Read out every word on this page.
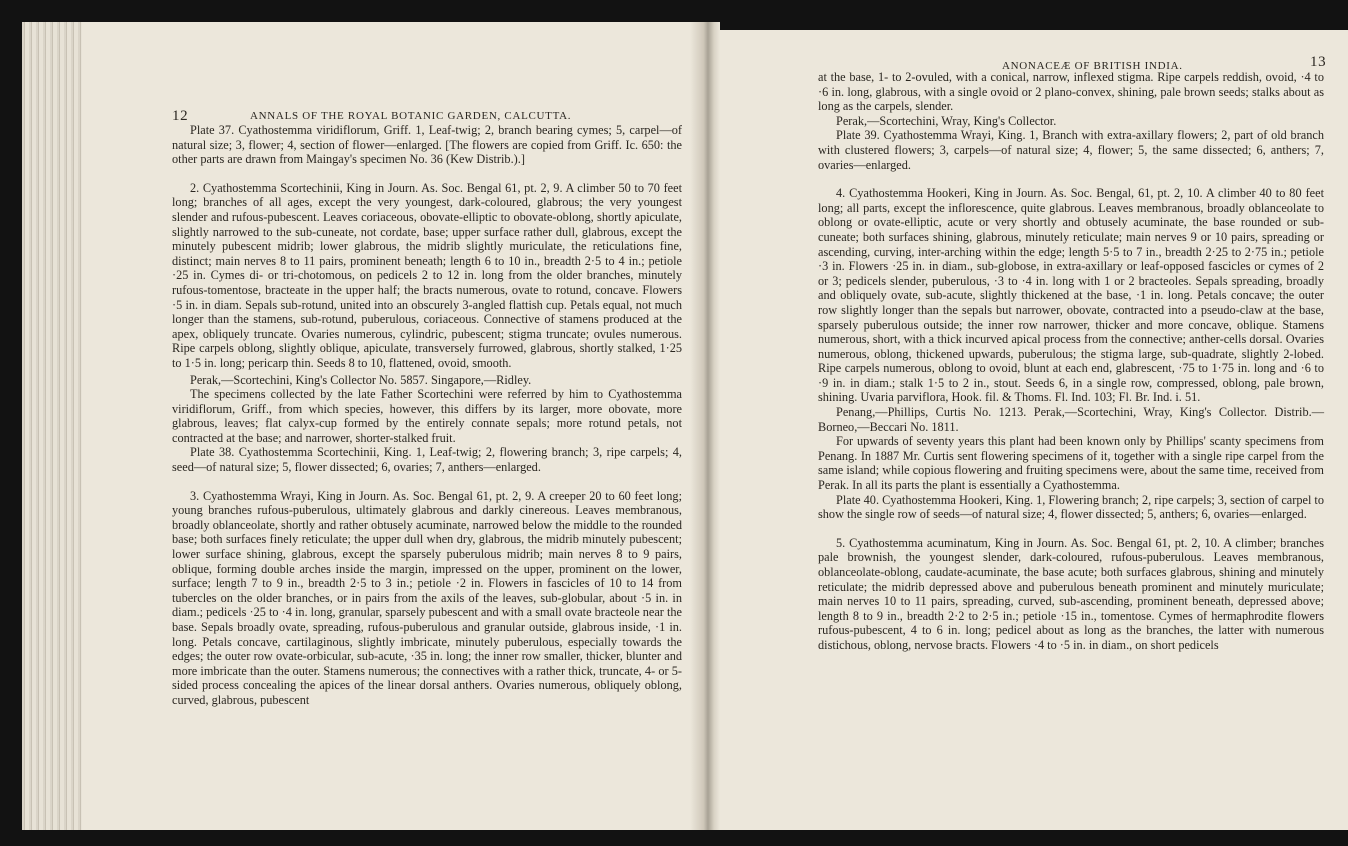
12	ANNALS OF THE ROYAL BOTANIC GARDEN, CALCUTTA.

Plate 37. Cyathostemma viridiflorum, Griff. 1, Leaf-twig; 2, branch bearing cymes; 5, carpel—of natural size; 3, flower; 4, section of flower—enlarged. [The flowers are copied from Griff. Ic. 650: the other parts are drawn from Maingay's specimen No. 36 (Kew Distrib.).]

2. Cyathostemma Scortechinii, King in Journ. As. Soc. Bengal 61, pt. 2, 9. A climber 50 to 70 feet long; branches of all ages, except the very youngest, dark-coloured, glabrous; the very youngest slender and rufous-pubescent. Leaves coriaceous, obovate-elliptic to obovate-oblong, shortly apiculate, slightly narrowed to the sub-cuneate, not cordate, base; upper surface rather dull, glabrous, except the minutely pubescent midrib; lower glabrous, the midrib slightly muriculate, the reticulations fine, distinct; main nerves 8 to 11 pairs, prominent beneath; length 6 to 10 in., breadth 2·5 to 4 in.; petiole ·25 in. Cymes di- or tri-chotomous, on pedicels 2 to 12 in. long from the older branches, minutely rufous-tomentose, bracteate in the upper half; the bracts numerous, ovate to rotund, concave. Flowers ·5 in. in diam. Sepals sub-rotund, united into an obscurely 3-angled flattish cup. Petals equal, not much longer than the stamens, sub-rotund, puberulous, coriaceous. Connective of stamens produced at the apex, obliquely truncate. Ovaries numerous, cylindric, pubescent; stigma truncate; ovules numerous. Ripe carpels oblong, slightly oblique, apiculate, transversely furrowed, glabrous, shortly stalked, 1·25 to 1·5 in. long; pericarp thin. Seeds 8 to 10, flattened, ovoid, smooth.

Perak,—Scortechini, King's Collector No. 5857. Singapore,—Ridley.

The specimens collected by the late Father Scortechini were referred by him to Cyathostemma viridiflorum, Griff., from which species, however, this differs by its larger, more obovate, more glabrous, leaves; flat calyx-cup formed by the entirely connate sepals; more rotund petals, not contracted at the base; and narrower, shorter-stalked fruit.

Plate 38. Cyathostemma Scortechinii, King. 1, Leaf-twig; 2, flowering branch; 3, ripe carpels; 4, seed—of natural size; 5, flower dissected; 6, ovaries; 7, anthers—enlarged.

3. Cyathostemma Wrayi, King in Journ. As. Soc. Bengal 61, pt. 2, 9. A creeper 20 to 60 feet long; young branches rufous-puberulous, ultimately glabrous and darkly cinereous. Leaves membranous, broadly oblanceolate, shortly and rather obtusely acuminate, narrowed below the middle to the rounded base; both surfaces finely reticulate; the upper dull when dry, glabrous, the midrib minutely pubescent; lower surface shining, glabrous, except the sparsely puberulous midrib; main nerves 8 to 9 pairs, oblique, forming double arches inside the margin, impressed on the upper, prominent on the lower, surface; length 7 to 9 in., breadth 2·5 to 3 in.; petiole ·2 in. Flowers in fascicles of 10 to 14 from tubercles on the older branches, or in pairs from the axils of the leaves, sub-globular, about ·5 in. in diam.; pedicels ·25 to ·4 in. long, granular, sparsely pubescent and with a small ovate bracteole near the base. Sepals broadly ovate, spreading, rufous-puberulous and granular outside, glabrous inside, ·1 in. long. Petals concave, cartilaginous, slightly imbricate, minutely puberulous, especially towards the edges; the outer row ovate-orbicular, sub-acute, ·35 in. long; the inner row smaller, thicker, blunter and more imbricate than the outer. Stamens numerous; the connectives with a rather thick, truncate, 4- or 5-sided process concealing the apices of the linear dorsal anthers. Ovaries numerous, obliquely oblong, curved, glabrous, pubescent

ANONACEÆ OF BRITISH INDIA.	13

at the base, 1- to 2-ovuled, with a conical, narrow, inflexed stigma. Ripe carpels reddish, ovoid, ·4 to ·6 in. long, glabrous, with a single ovoid or 2 plano-convex, shining, pale brown seeds; stalks about as long as the carpels, slender.

Perak,—Scortechini, Wray, King's Collector.

Plate 39. Cyathostemma Wrayi, King. 1, Branch with extra-axillary flowers; 2, part of old branch with clustered flowers; 3, carpels—of natural size; 4, flower; 5, the same dissected; 6, anthers; 7, ovaries—enlarged.

4. Cyathostemma Hookeri, King in Journ. As. Soc. Bengal, 61, pt. 2, 10. A climber 40 to 80 feet long; all parts, except the inflorescence, quite glabrous. Leaves membranous, broadly oblanceolate to oblong or ovate-elliptic, acute or very shortly and obtusely acuminate, the base rounded or sub-cuneate; both surfaces shining, glabrous, minutely reticulate; main nerves 9 or 10 pairs, spreading or ascending, curving, inter-arching within the edge; length 5·5 to 7 in., breadth 2·25 to 2·75 in.; petiole ·3 in. Flowers ·25 in. in diam., sub-globose, in extra-axillary or leaf-opposed fascicles or cymes of 2 or 3; pedicels slender, puberulous, ·3 to ·4 in. long with 1 or 2 bracteoles. Sepals spreading, broadly and obliquely ovate, sub-acute, slightly thickened at the base, ·1 in. long. Petals concave; the outer row slightly longer than the sepals but narrower, obovate, contracted into a pseudo-claw at the base, sparsely puberulous outside; the inner row narrower, thicker and more concave, oblique. Stamens numerous, short, with a thick incurved apical process from the connective; anther-cells dorsal. Ovaries numerous, oblong, thickened upwards, puberulous; the stigma large, sub-quadrate, slightly 2-lobed. Ripe carpels numerous, oblong to ovoid, blunt at each end, glabrescent, ·75 to 1·75 in. long and ·6 to ·9 in. in diam.; stalk 1·5 to 2 in., stout. Seeds 6, in a single row, compressed, oblong, pale brown, shining. Uvaria parviflora, Hook. fil. & Thoms. Fl. Ind. 103; Fl. Br. Ind. i. 51.

Penang,—Phillips, Curtis No. 1213. Perak,—Scortechini, Wray, King's Collector. Distrib.—Borneo,—Beccari No. 1811.

For upwards of seventy years this plant had been known only by Phillips' scanty specimens from Penang. In 1887 Mr. Curtis sent flowering specimens of it, together with a single ripe carpel from the same island; while copious flowering and fruiting specimens were, about the same time, received from Perak. In all its parts the plant is essentially a Cyathostemma.

Plate 40. Cyathostemma Hookeri, King. 1, Flowering branch; 2, ripe carpels; 3, section of carpel to show the single row of seeds—of natural size; 4, flower dissected; 5, anthers; 6, ovaries—enlarged.

5. Cyathostemma acuminatum, King in Journ. As. Soc. Bengal 61, pt. 2, 10. A climber; branches pale brownish, the youngest slender, dark-coloured, rufous-puberulous. Leaves membranous, oblanceolate-oblong, caudate-acuminate, the base acute; both surfaces glabrous, shining and minutely reticulate; the midrib depressed above and puberulous beneath prominent and minutely muriculate; main nerves 10 to 11 pairs, spreading, curved, sub-ascending, prominent beneath, depressed above; length 8 to 9 in., breadth 2·2 to 2·5 in.; petiole ·15 in., tomentose. Cymes of hermaphrodite flowers rufous-pubescent, 4 to 6 in. long; pedicel about as long as the branches, the latter with numerous distichous, oblong, nervose bracts. Flowers ·4 to ·5 in. in diam., on short pedicels
